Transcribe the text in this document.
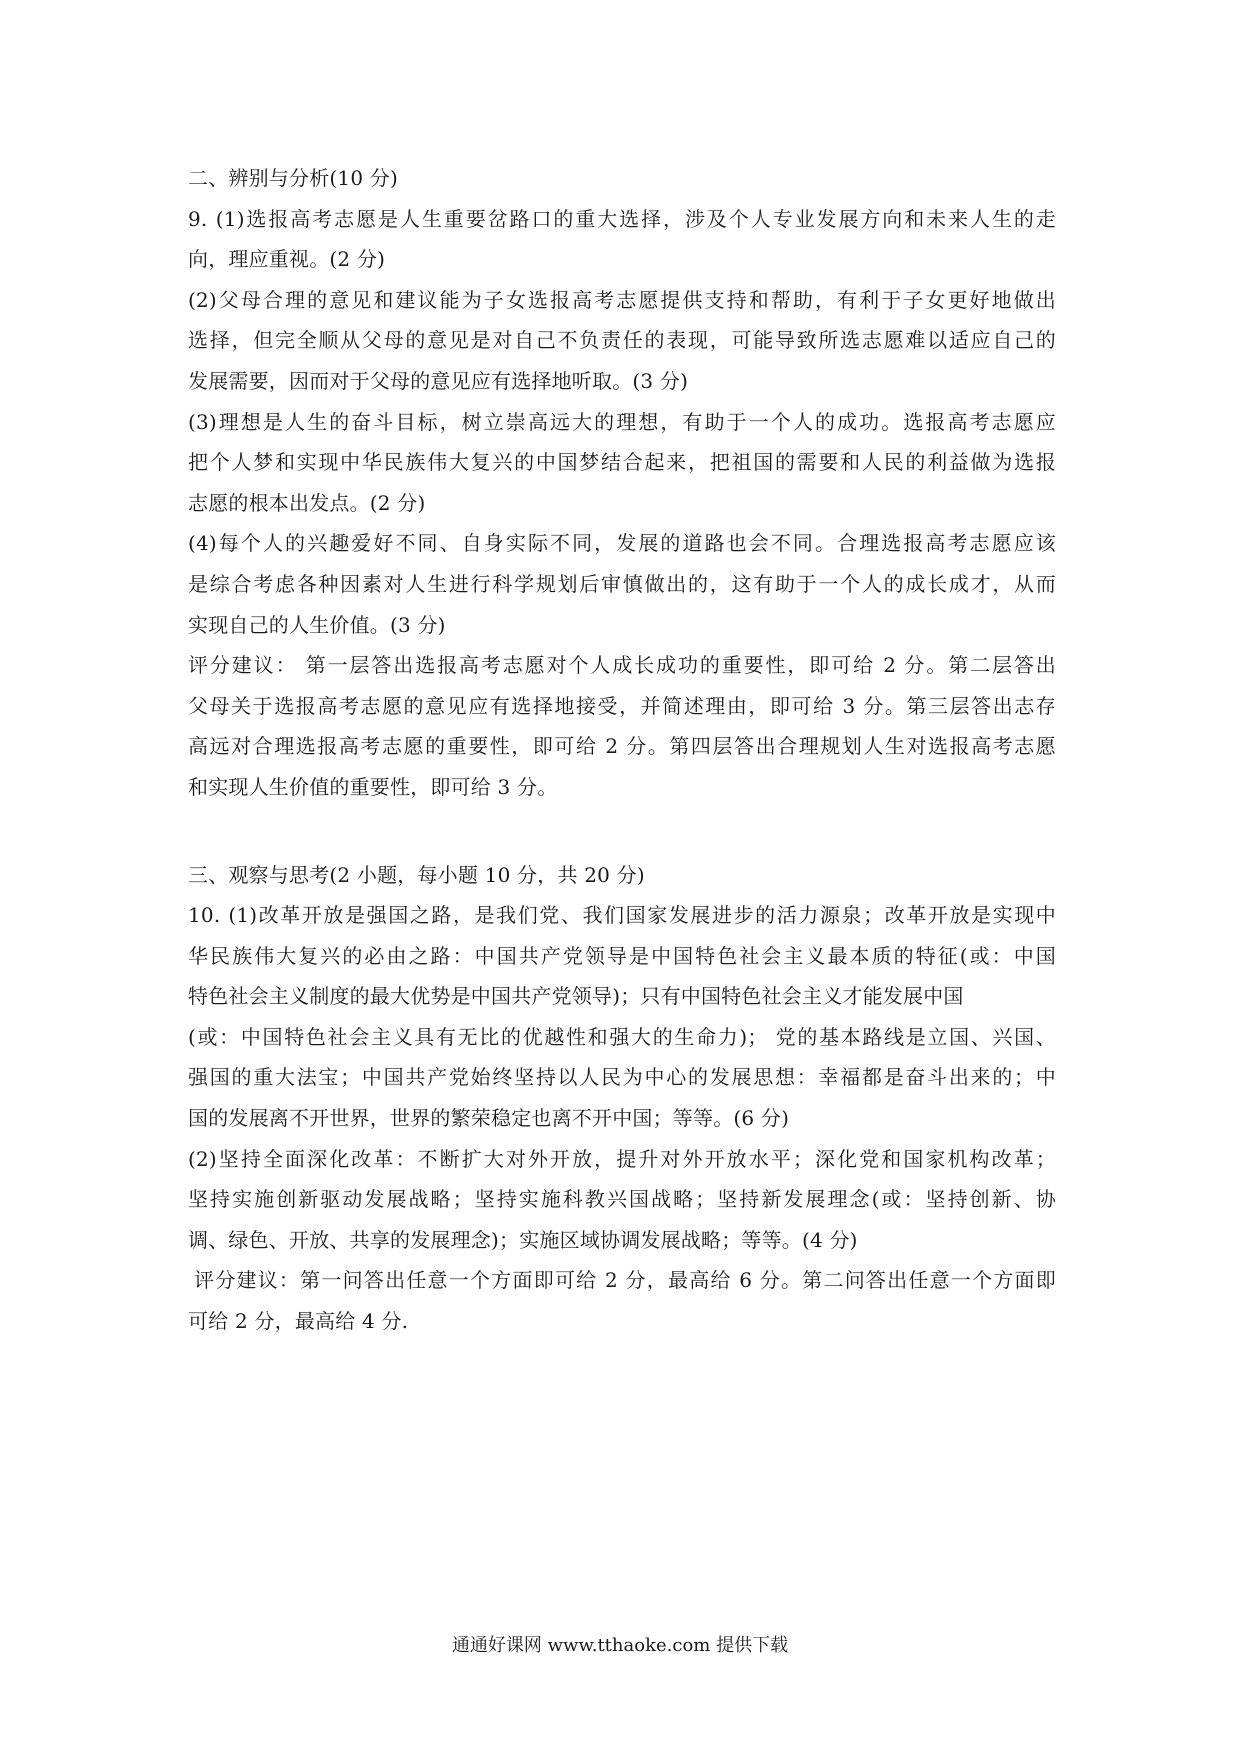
二、辨别与分析(10 分)
9. (1)选报高考志愿是人生重要岔路口的重大选择，涉及个人专业发展方向和未来人生的走
向，理应重视。(2 分)
(2)父母合理的意见和建议能为子女选报高考志愿提供支持和帮助，有利于子女更好地做出
选择，但完全顺从父母的意见是对自己不负责任的表现，可能导致所选志愿难以适应自己的
发展需要，因而对于父母的意见应有选择地听取。(3 分)
(3)理想是人生的奋斗目标，树立崇高远大的理想，有助于一个人的成功。选报高考志愿应
把个人梦和实现中华民族伟大复兴的中国梦结合起来，把祖国的需要和人民的利益做为选报
志愿的根本出发点。(2 分)
(4)每个人的兴趣爱好不同、自身实际不同，发展的道路也会不同。合理选报高考志愿应该
是综合考虑各种因素对人生进行科学规划后审慎做出的，这有助于一个人的成长成才，从而
实现自己的人生价值。(3 分)
评分建议： 第一层答出选报高考志愿对个人成长成功的重要性，即可给 2 分。第二层答出
父母关于选报高考志愿的意见应有选择地接受，并简述理由，即可给 3 分。第三层答出志存
高远对合理选报高考志愿的重要性，即可给 2 分。第四层答出合理规划人生对选报高考志愿
和实现人生价值的重要性，即可给 3 分。
三、观察与思考(2 小题，每小题 10 分，共 20 分)
10. (1)改革开放是强国之路，是我们党、我们国家发展进步的活力源泉；改革开放是实现中
华民族伟大复兴的必由之路：中国共产党领导是中国特色社会主义最本质的特征(或：中国
特色社会主义制度的最大优势是中国共产党领导)；只有中国特色社会主义才能发展中国
(或：中国特色社会主义具有无比的优越性和强大的生命力)； 党的基本路线是立国、兴国、
强国的重大法宝；中国共产党始终坚持以人民为中心的发展思想：幸福都是奋斗出来的；中
国的发展离不开世界，世界的繁荣稳定也离不开中国；等等。(6 分)
(2)坚持全面深化改革：不断扩大对外开放，提升对外开放水平；深化党和国家机构改革；
坚持实施创新驱动发展战略；坚持实施科教兴国战略；坚持新发展理念(或：坚持创新、协
调、绿色、开放、共享的发展理念)；实施区域协调发展战略；等等。(4 分)
评分建议：第一问答出任意一个方面即可给 2 分，最高给 6 分。第二问答出任意一个方面即
可给 2 分，最高给 4 分.
通通好课网 www.tthaoke.com 提供下载
